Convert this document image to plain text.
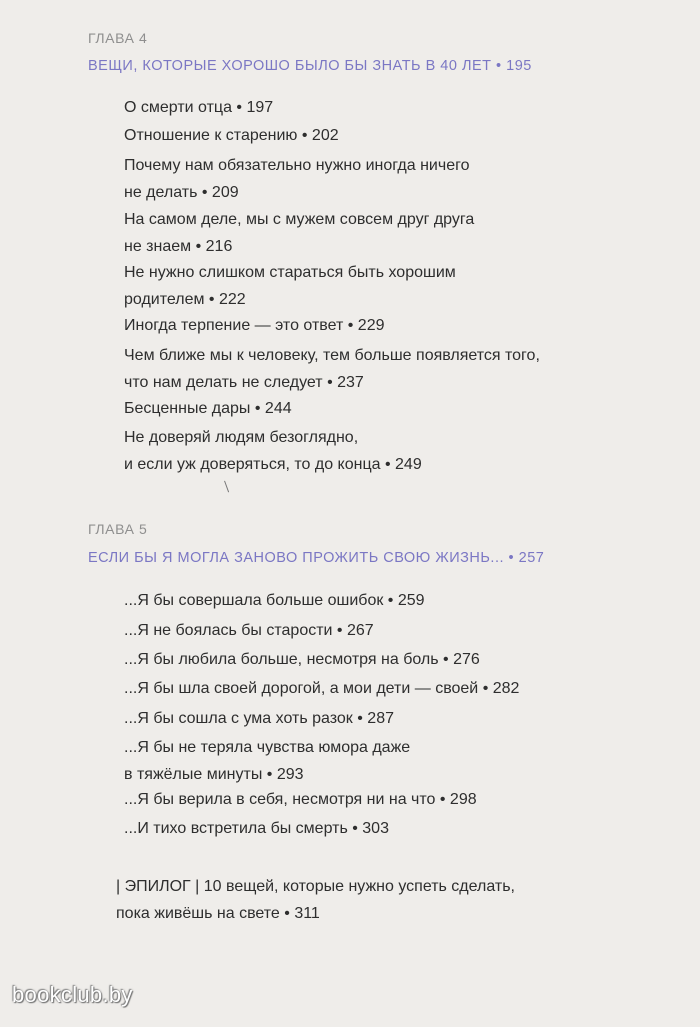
ГЛАВА 4
ВЕЩИ, КОТОРЫЕ ХОРОШО БЫЛО БЫ ЗНАТЬ В 40 ЛЕТ • 195
О смерти отца • 197
Отношение к старению • 202
Почему нам обязательно нужно иногда ничего
не делать • 209
На самом деле, мы с мужем совсем друг друга
не знаем • 216
Не нужно слишком стараться быть хорошим
родителем • 222
Иногда терпение — это ответ • 229
Чем ближе мы к человеку, тем больше появляется того,
что нам делать не следует • 237
Бесценные дары • 244
Не доверяй людям безоглядно,
и если уж доверяться, то до конца • 249
ГЛАВА 5
ЕСЛИ БЫ Я МОГЛА ЗАНОВО ПРОЖИТЬ СВОЮ ЖИЗНЬ... • 257
...Я бы совершала больше ошибок • 259
...Я не боялась бы старости • 267
...Я бы любила больше, несмотря на боль • 276
...Я бы шла своей дорогой, а мои дети — своей • 282
...Я бы сошла с ума хоть разок • 287
...Я бы не теряла чувства юмора даже
в тяжёлые минуты • 293
...Я бы верила в себя, несмотря ни на что • 298
...И тихо встретила бы смерть • 303
| ЭПИЛОГ | 10 вещей, которые нужно успеть сделать,
пока живёшь на свете • 311
bookclub.by
